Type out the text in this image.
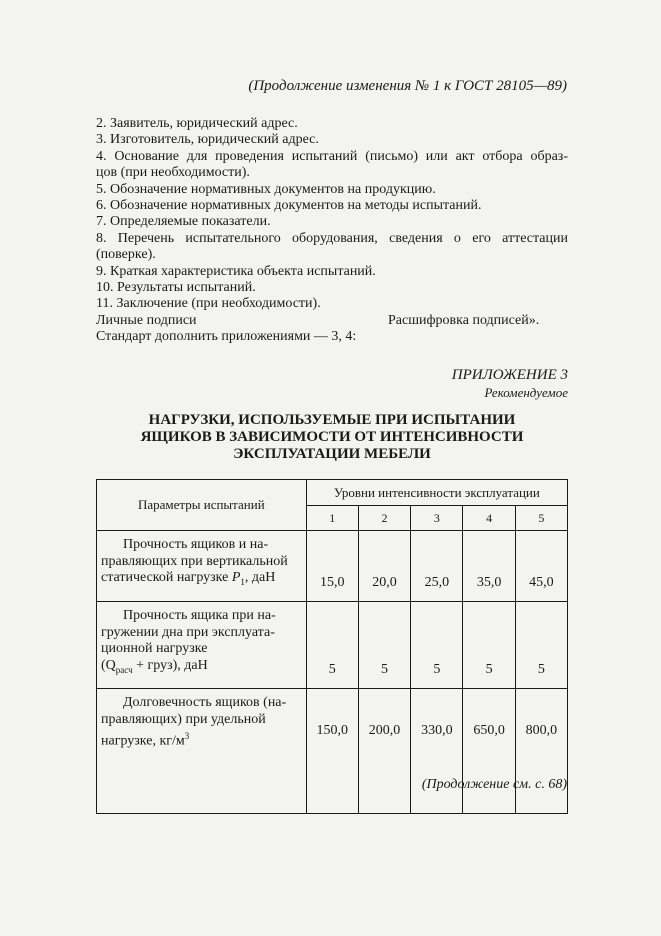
(Продолжение изменения № 1 к ГОСТ 28105—89)

2. Заявитель, юридический адрес.

3. Изготовитель, юридический адрес.

4. Основание для проведения испытаний (письмо) или акт отбора образ-

цов (при необходимости).

5. Обозначение нормативных документов на продукцию.

6. Обозначение нормативных документов на методы испытаний.

7. Определяемые показатели.

8. Перечень испытательного оборудования, сведения о его аттестации

(поверке).

9. Краткая характеристика объекта испытаний.

10. Результаты испытаний.

11. Заключение (при необходимости).

Личные подписи	Расшифровка подписей».

Стандарт дополнить приложениями — 3, 4:

ПРИЛОЖЕНИЕ 3
Рекомендуемое
НАГРУЗКИ, ИСПОЛЬЗУЕМЫЕ ПРИ ИСПЫТАНИИ
ЯЩИКОВ В ЗАВИСИМОСТИ ОТ ИНТЕНСИВНОСТИ
ЭКСПЛУАТАЦИИ МЕБЕЛИ
Параметры испытаний	Уровни интенсивности эксплуатации				
	1	2	3	4	5

Прочность ящиков и на-
правляющих при вертикальной
статической нагрузке $P_1$, даН	15,0	20,0	25,0	35,0	45,0

Прочность ящика при на-
гружении дна при эксплуата-
ционной нагрузке
($Q_{расч}$ + груз), даН	5	5	5	5	5

Долговечность ящиков (на-
правляющих) при удельной
нагрузке, $кг/м^3$	150,0	200,0	330,0	650,0	800,0
(Продолжение см. с. 68)
